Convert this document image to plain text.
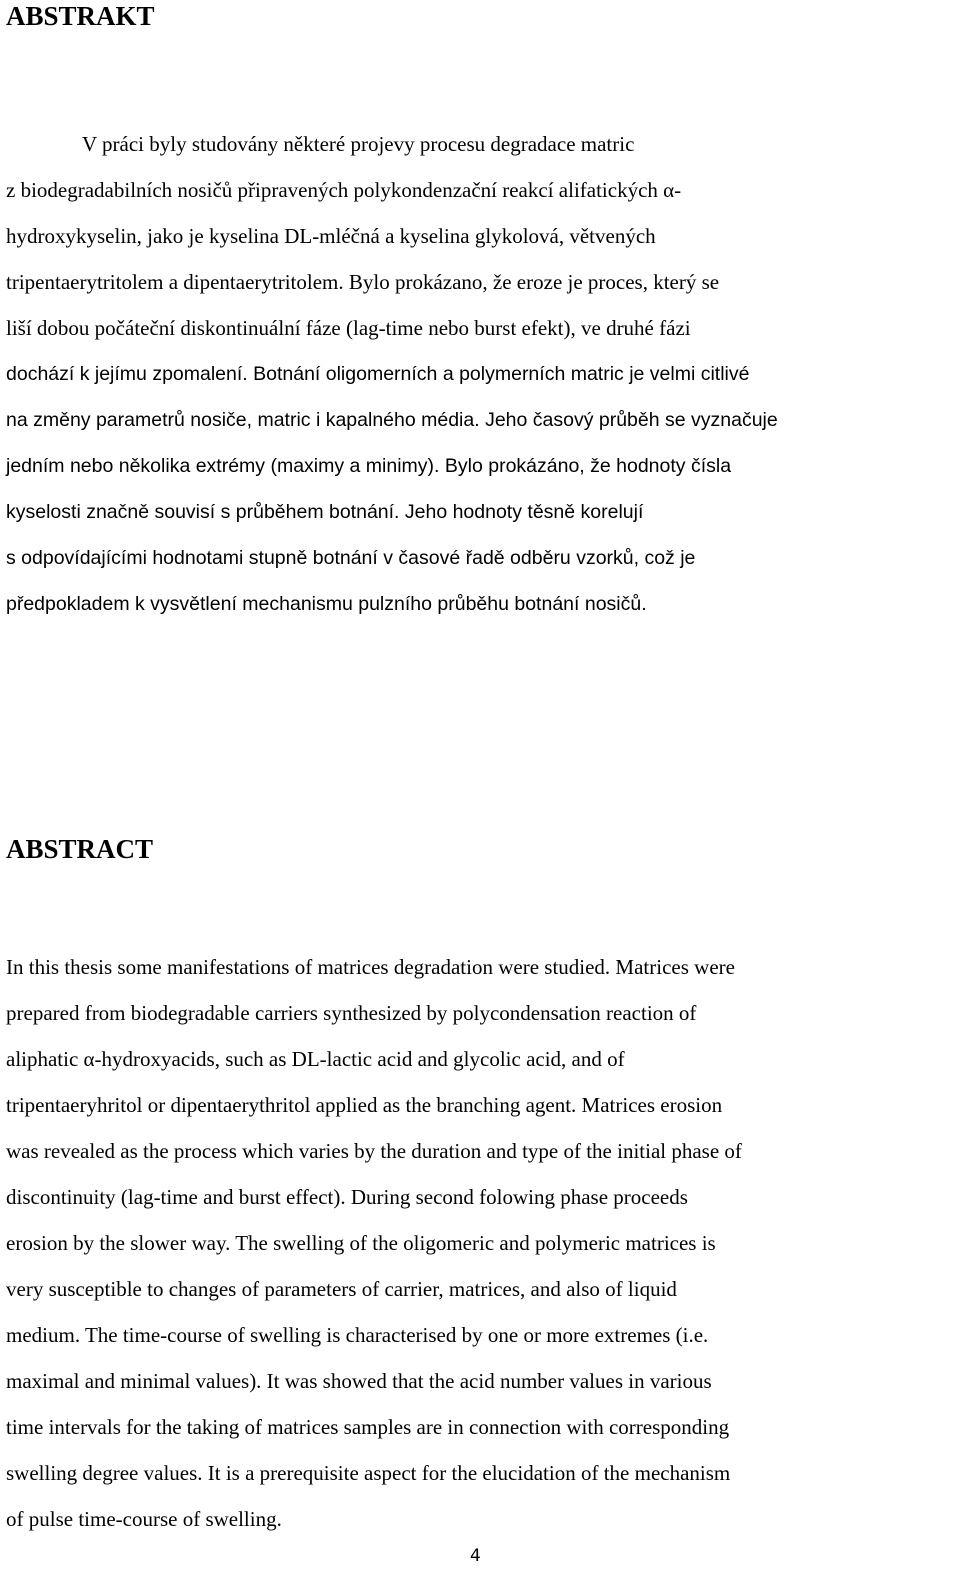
ABSTRAKT

V práci byly studovány některé projevy procesu degradace matric

z biodegradabilních nosičů připravených polykondenzační reakcí alifatických α-

hydroxykyselin, jako je kyselina DL-mléčná a kyselina glykolová, větvených

tripentaerytritolem a dipentaerytritolem. Bylo prokázano, že eroze je proces, který se

liší dobou počáteční diskontinuální fáze (lag-time nebo burst efekt), ve druhé fázi

dochází k jejímu zpomalení. Botnání oligomerních a polymerních matric je velmi citlivé

na změny parametrů nosiče, matric i kapalného média. Jeho časový průběh se vyznačuje

jedním nebo několika extrémy (maximy a minimy). Bylo prokázáno, že hodnoty čísla

kyselosti značně souvisí s průběhem botnání. Jeho hodnoty těsně korelují

s odpovídajícími hodnotami stupně botnání v časové řadě odběru vzorků, což je

předpokladem k vysvětlení mechanismu pulzního průběhu botnání nosičů.

ABSTRACT

In this thesis some manifestations of matrices degradation were studied. Matrices were

prepared from biodegradable carriers synthesized by polycondensation reaction of

aliphatic α-hydroxyacids, such as DL-lactic acid and glycolic acid, and of

tripentaeryhritol or dipentaerythritol applied as the branching agent. Matrices erosion

was revealed as the process which varies by the duration and type of the initial phase of

discontinuity (lag-time and burst effect). During second folowing phase proceeds

erosion by the slower way. The swelling of the oligomeric and polymeric matrices is

very susceptible to changes of parameters of carrier, matrices, and also of liquid

medium. The time-course of swelling is characterised by one or more extremes (i.e.

maximal and minimal values). It was showed that the acid number values in various

time intervals for the taking of matrices samples are in connection with corresponding

swelling degree values. It is a prerequisite aspect for the elucidation of the mechanism

of pulse time-course of swelling.

4
